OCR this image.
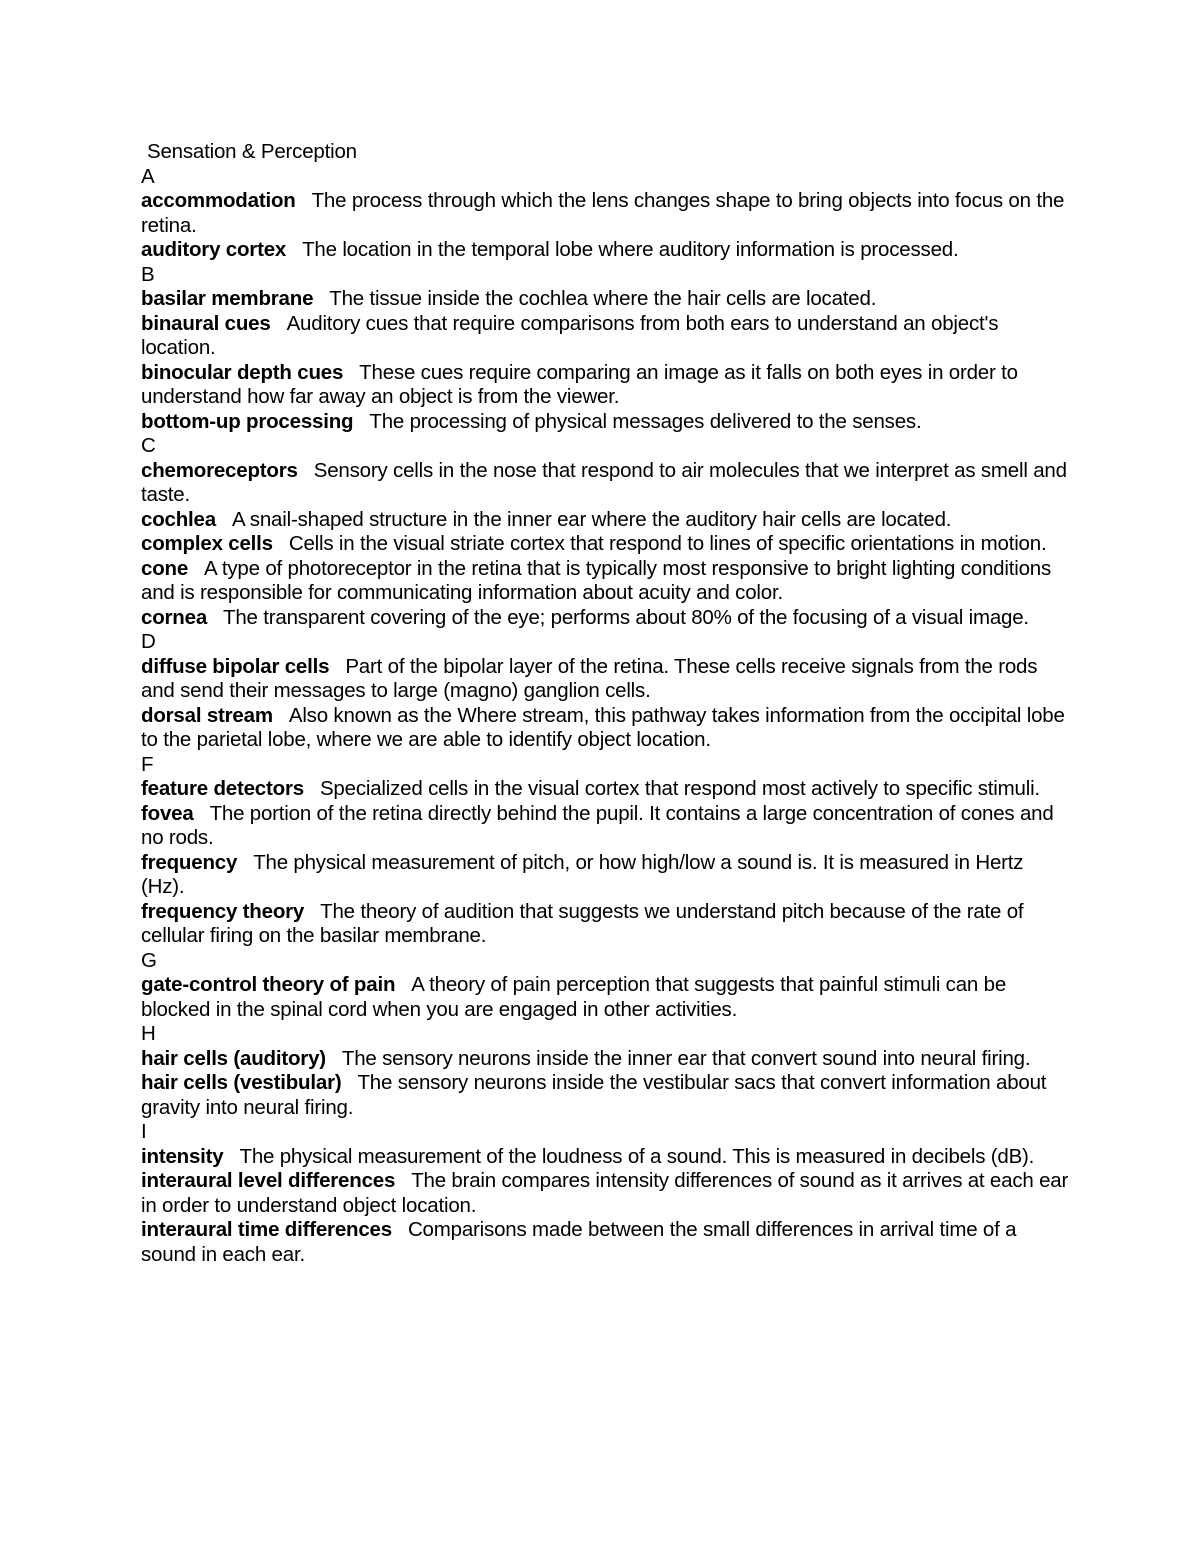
Sensation & Perception
A
accommodation The process through which the lens changes shape to bring objects into focus on the retina.
auditory cortex The location in the temporal lobe where auditory information is processed.
B
basilar membrane The tissue inside the cochlea where the hair cells are located.
binaural cues Auditory cues that require comparisons from both ears to understand an object's location.
binocular depth cues These cues require comparing an image as it falls on both eyes in order to understand how far away an object is from the viewer.
bottom-up processing The processing of physical messages delivered to the senses.
C
chemoreceptors Sensory cells in the nose that respond to air molecules that we interpret as smell and taste.
cochlea A snail-shaped structure in the inner ear where the auditory hair cells are located.
complex cells Cells in the visual striate cortex that respond to lines of specific orientations in motion.
cone A type of photoreceptor in the retina that is typically most responsive to bright lighting conditions and is responsible for communicating information about acuity and color.
cornea The transparent covering of the eye; performs about 80% of the focusing of a visual image.
D
diffuse bipolar cells Part of the bipolar layer of the retina. These cells receive signals from the rods and send their messages to large (magno) ganglion cells.
dorsal stream Also known as the Where stream, this pathway takes information from the occipital lobe to the parietal lobe, where we are able to identify object location.
F
feature detectors Specialized cells in the visual cortex that respond most actively to specific stimuli.
fovea The portion of the retina directly behind the pupil. It contains a large concentration of cones and no rods.
frequency The physical measurement of pitch, or how high/low a sound is. It is measured in Hertz (Hz).
frequency theory The theory of audition that suggests we understand pitch because of the rate of cellular firing on the basilar membrane.
G
gate-control theory of pain A theory of pain perception that suggests that painful stimuli can be blocked in the spinal cord when you are engaged in other activities.
H
hair cells (auditory) The sensory neurons inside the inner ear that convert sound into neural firing.
hair cells (vestibular) The sensory neurons inside the vestibular sacs that convert information about gravity into neural firing.
I
intensity The physical measurement of the loudness of a sound. This is measured in decibels (dB).
interaural level differences The brain compares intensity differences of sound as it arrives at each ear in order to understand object location.
interaural time differences Comparisons made between the small differences in arrival time of a sound in each ear.
